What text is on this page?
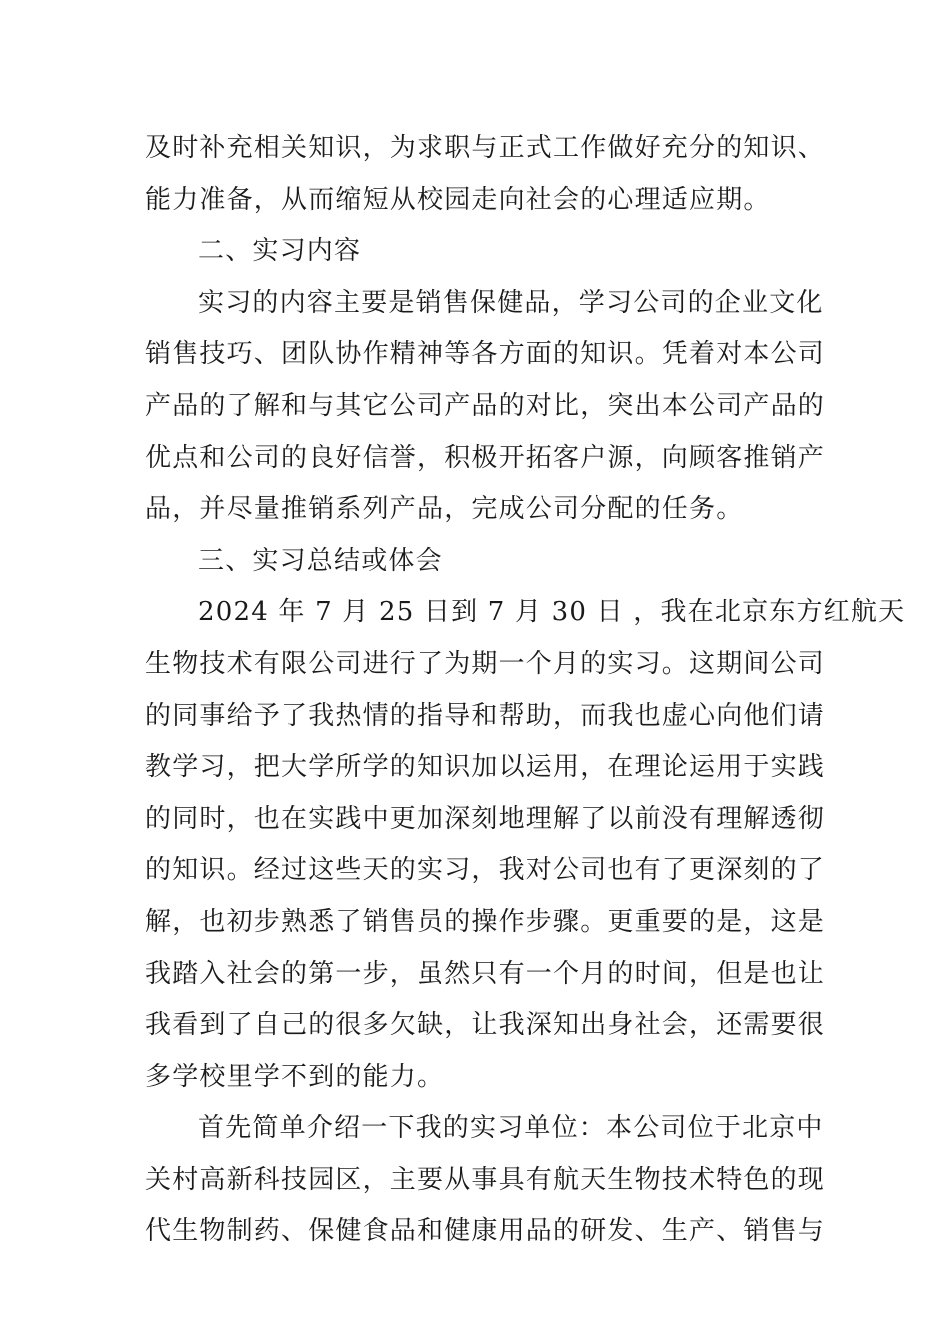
及时补充相关知识，为求职与正式工作做好充分的知识、
能力准备，从而缩短从校园走向社会的心理适应期。
二、实习内容
实习的内容主要是销售保健品，学习公司的企业文化
销售技巧、团队协作精神等各方面的知识。凭着对本公司
产品的了解和与其它公司产品的对比，突出本公司产品的
优点和公司的良好信誉，积极开拓客户源，向顾客推销产
品，并尽量推销系列产品，完成公司分配的任务。
三、实习总结或体会
2024 年 7 月 25 日到 7 月 30 日 ，我在北京东方红航天
生物技术有限公司进行了为期一个月的实习。这期间公司
的同事给予了我热情的指导和帮助，而我也虚心向他们请
教学习，把大学所学的知识加以运用，在理论运用于实践
的同时，也在实践中更加深刻地理解了以前没有理解透彻
的知识。经过这些天的实习，我对公司也有了更深刻的了
解，也初步熟悉了销售员的操作步骤。更重要的是，这是
我踏入社会的第一步，虽然只有一个月的时间，但是也让
我看到了自己的很多欠缺，让我深知出身社会，还需要很
多学校里学不到的能力。
首先简单介绍一下我的实习单位：本公司位于北京中
关村高新科技园区，主要从事具有航天生物技术特色的现
代生物制药、保健食品和健康用品的研发、生产、销售与
